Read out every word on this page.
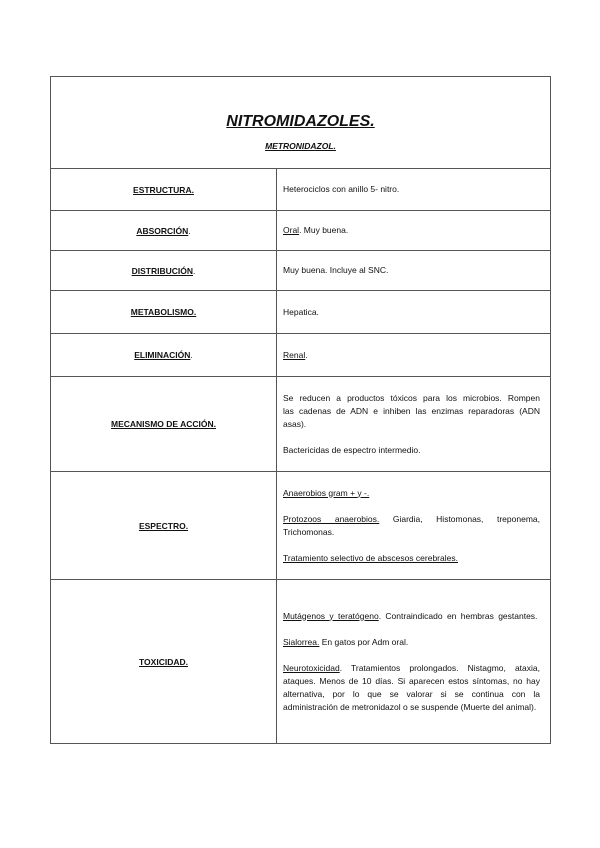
NITROMIDAZOLES.
METRONIDAZOL.	

ESTRUCTURA.	Heterociclos con anillo 5- nitro.
ABSORCIÓN.	Oral. Muy buena.
DISTRIBUCIÓN.	Muy buena. Incluye al SNC.
METABOLISMO.	Hepatica.
ELIMINACIÓN.	Renal.
MECANISMO DE ACCIÓN.	Se reducen a productos tóxicos para los microbios. Rompen las cadenas de ADN e inhiben las enzimas reparadoras (ADN asas).

Bactericidas de espectro intermedio.

ESPECTRO.	Anaerobios gram + y -.

Protozoos anaerobios. Giardia, Histomonas, treponema, Trichomonas.

Tratamiento selectivo de abscesos cerebrales.

TOXICIDAD.	Mutágenos y teratógeno. Contraindicado en hembras gestantes.

Sialorrea. En gatos por Adm oral.

Neurotoxicidad. Tratamientos prolongados. Nistagmo, ataxia, ataques. Menos de 10 días. Si aparecen estos síntomas, no hay alternativa, por lo que se valorar si se continua con la administración de metronidazol o se suspende (Muerte del animal).
